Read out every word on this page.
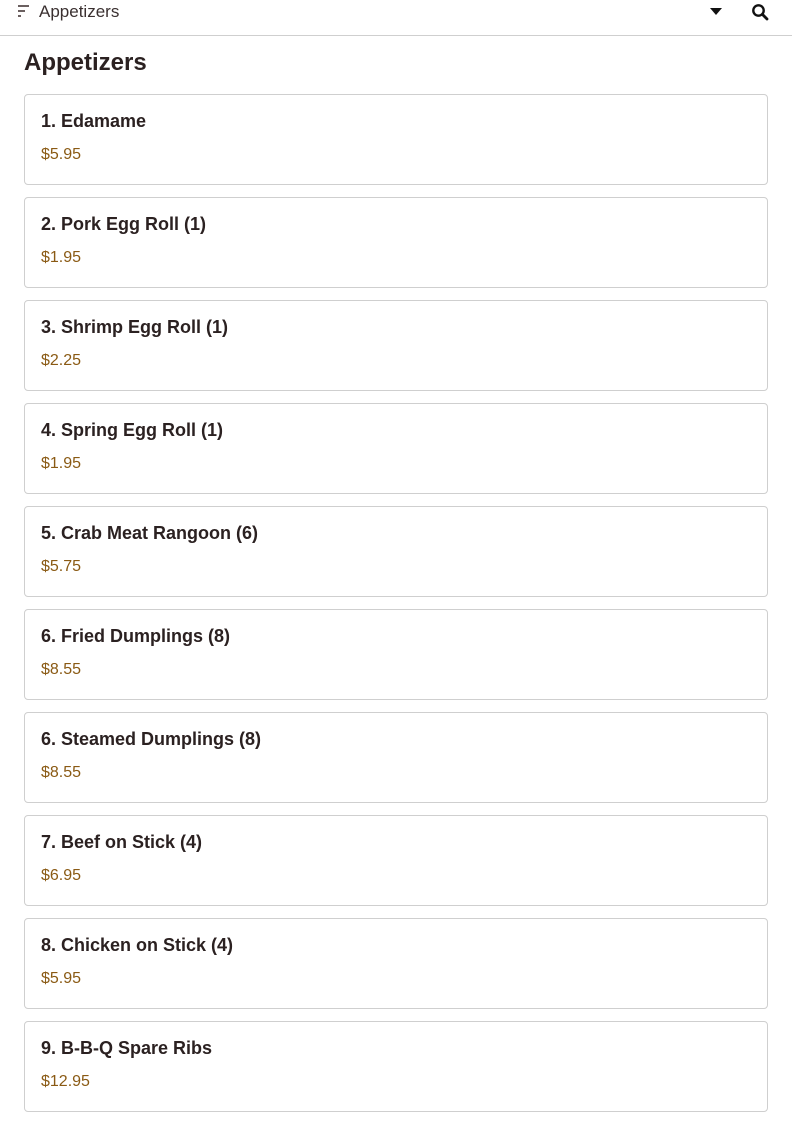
Appetizers
Appetizers
1. Edamame
$5.95
2. Pork Egg Roll (1)
$1.95
3. Shrimp Egg Roll (1)
$2.25
4. Spring Egg Roll (1)
$1.95
5. Crab Meat Rangoon (6)
$5.75
6. Fried Dumplings (8)
$8.55
6. Steamed Dumplings (8)
$8.55
7. Beef on Stick (4)
$6.95
8. Chicken on Stick (4)
$5.95
9. B-B-Q Spare Ribs
$12.95
